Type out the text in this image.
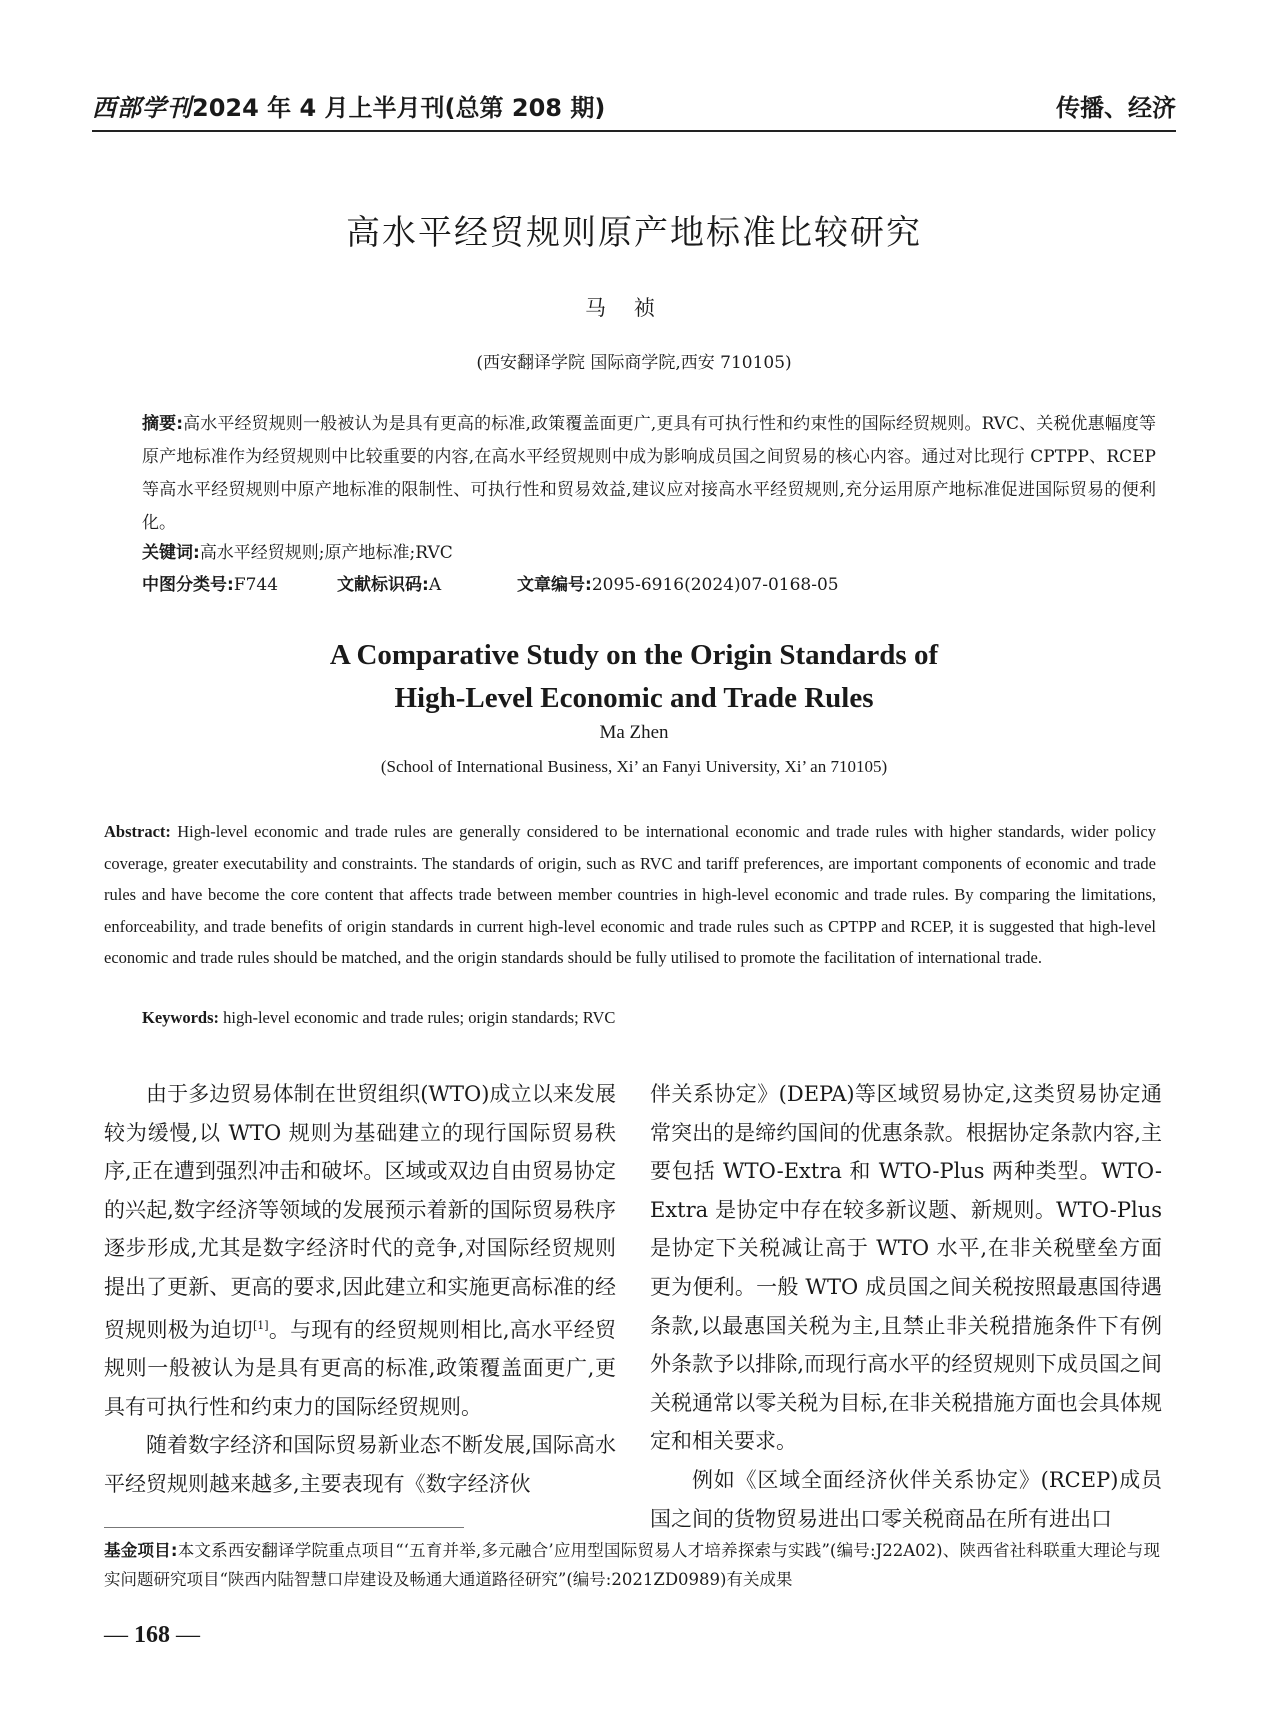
西部学刊2024 年 4 月上半月刊(总第 208 期)	传播、经济
高水平经贸规则原产地标准比较研究
马祯
(西安翻译学院 国际商学院,西安 710105)
摘要:高水平经贸规则一般被认为是具有更高的标准,政策覆盖面更广,更具有可执行性和约束性的国际经贸规则。RVC、关税优惠幅度等原产地标准作为经贸规则中比较重要的内容,在高水平经贸规则中成为影响成员国之间贸易的核心内容。通过对比现行 CPTPP、RCEP 等高水平经贸规则中原产地标准的限制性、可执行性和贸易效益,建议应对接高水平经贸规则,充分运用原产地标准促进国际贸易的便利化。
关键词:高水平经贸规则;原产地标准;RVC
中图分类号:F744	文献标识码:A	文章编号:2095-6916(2024)07-0168-05
A Comparative Study on the Origin Standards of
High-Level Economic and Trade Rules
Ma Zhen
(School of International Business, Xi’ an Fanyi University, Xi’ an 710105)
Abstract: High-level economic and trade rules are generally considered to be international economic and trade rules with higher standards, wider policy coverage, greater executability and constraints. The standards of origin, such as RVC and tariff preferences, are important components of economic and trade rules and have become the core content that affects trade between member countries in high-level economic and trade rules. By comparing the limitations, enforceability, and trade benefits of origin standards in current high-level economic and trade rules such as CPTPP and RCEP, it is suggested that high-level economic and trade rules should be matched, and the origin standards should be fully utilised to promote the facilitation of international trade.
Keywords: high-level economic and trade rules; origin standards; RVC

由于多边贸易体制在世贸组织(WTO)成立以来发展较为缓慢,以 WTO 规则为基础建立的现行国际贸易秩序,正在遭到强烈冲击和破坏。区域或双边自由贸易协定的兴起,数字经济等领域的发展预示着新的国际贸易秩序逐步形成,尤其是数字经济时代的竞争,对国际经贸规则提出了更新、更高的要求,因此建立和实施更高标准的经贸规则极为迫切[1]。与现有的经贸规则相比,高水平经贸规则一般被认为是具有更高的标准,政策覆盖面更广,更具有可执行性和约束力的国际经贸规则。

随着数字经济和国际贸易新业态不断发展,国际高水平经贸规则越来越多,主要表现有《数字经济伙

伴关系协定》(DEPA)等区域贸易协定,这类贸易协定通常突出的是缔约国间的优惠条款。根据协定条款内容,主要包括 WTO-Extra 和 WTO-Plus 两种类型。WTO-Extra 是协定中存在较多新议题、新规则。WTO-Plus 是协定下关税减让高于 WTO 水平,在非关税壁垒方面更为便利。一般 WTO 成员国之间关税按照最惠国待遇条款,以最惠国关税为主,且禁止非关税措施条件下有例外条款予以排除,而现行高水平的经贸规则下成员国之间关税通常以零关税为目标,在非关税措施方面也会具体规定和相关要求。

例如《区域全面经济伙伴关系协定》(RCEP)成员国之间的货物贸易进出口零关税商品在所有进出口

基金项目:本文系西安翻译学院重点项目“‘五育并举,多元融合’应用型国际贸易人才培养探索与实践”(编号:J22A02)、陕西省社科联重大理论与现实问题研究项目“陕西内陆智慧口岸建设及畅通大通道路径研究”(编号:2021ZD0989)有关成果
— 168 —
